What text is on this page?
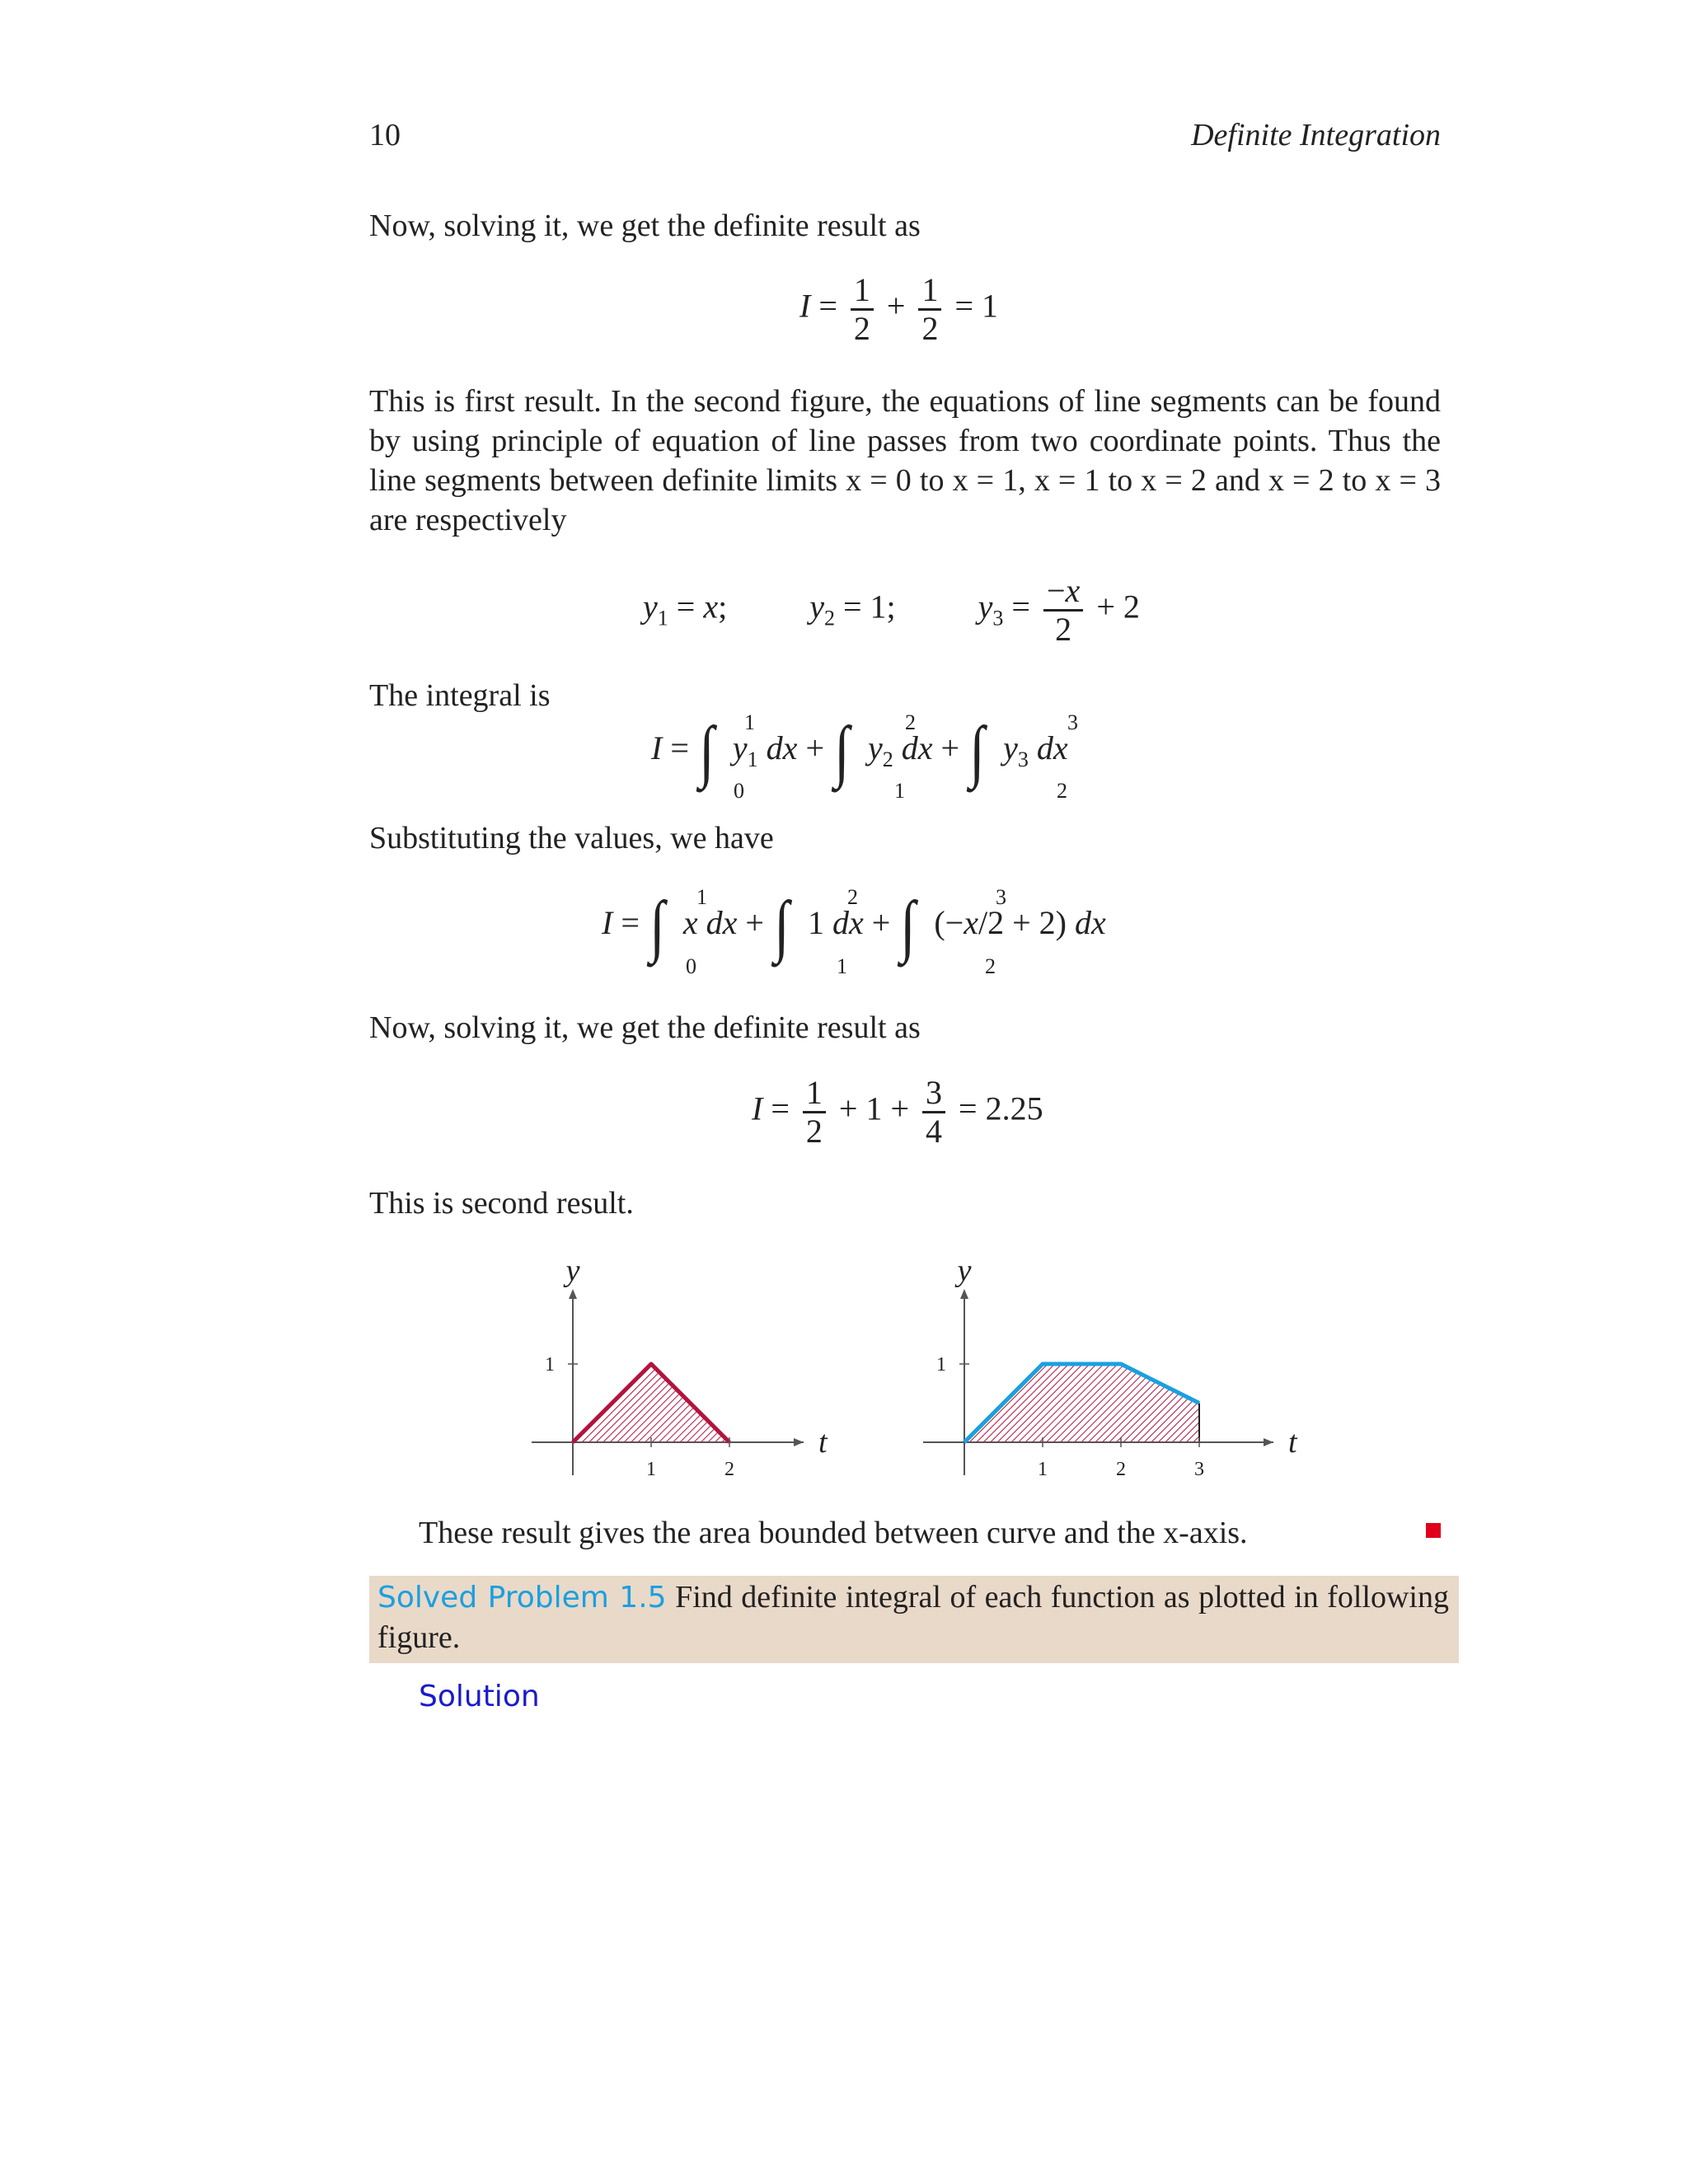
10	Definite Integration
Now, solving it, we get the definite result as
$I = \frac{1}{2} + \frac{1}{2} = 1$
This is first result. In the second figure, the equations of line segments can be found by using principle of equation of line passes from two coordinate points. Thus the line segments between definite limits x = 0 to x = 1, x = 1 to x = 2 and x = 2 to x = 3 are respectively
$y_1 = x$;  $y_2 = 1$;  $y_3 = \frac{-x}{2} + 2$
The integral is
I = ∫ $y_1$ dx + ∫ $y_2$ dx + ∫ $y_3$ dx
1
0
2
1
3
2
Substituting the values, we have
I = ∫ x dx + ∫ 1 dx + ∫ (−x/2 + 2) dx
1
0
2
1
3
2
Now, solving it, we get the definite result as
$I = \frac{1}{2} + 1 + \frac{3}{4} = 2.25$
This is second result.
1	2
1
t
y
1	2	3
1
t
y
These result gives the area bounded between curve and the x-axis.
Solved Problem 1.5 Find definite integral of each function as plotted in following figure.
Solution
